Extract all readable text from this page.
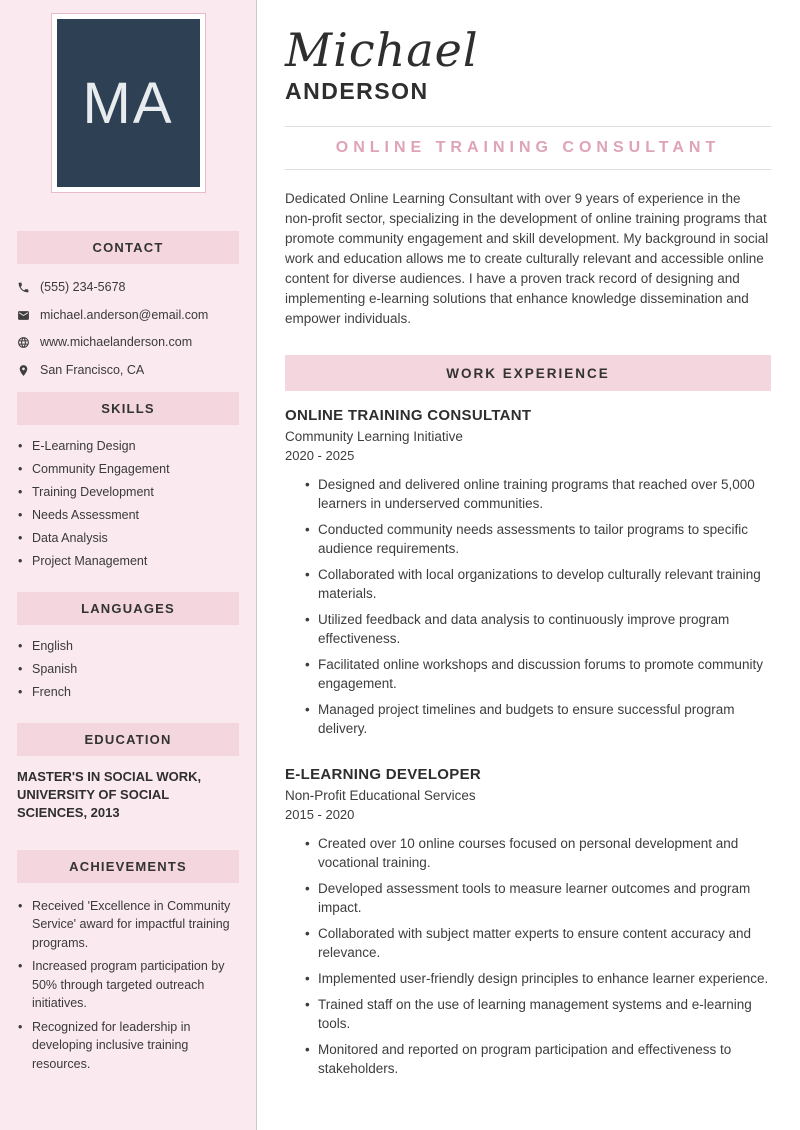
MA
CONTACT
(555) 234-5678
michael.anderson@email.com
www.michaelanderson.com
San Francisco, CA
SKILLS
• E-Learning Design
• Community Engagement
• Training Development
• Needs Assessment
• Data Analysis
• Project Management
LANGUAGES
• English
• Spanish
• French
EDUCATION
MASTER'S IN SOCIAL WORK, UNIVERSITY OF SOCIAL SCIENCES, 2013
ACHIEVEMENTS
• Received 'Excellence in Community Service' award for impactful training programs.
• Increased program participation by 50% through targeted outreach initiatives.
• Recognized for leadership in developing inclusive training resources.
Michael
ANDERSON
ONLINE TRAINING CONSULTANT

Dedicated Online Learning Consultant with over 9 years of experience in the non-profit sector, specializing in the development of online training programs that promote community engagement and skill development. My background in social work and education allows me to create culturally relevant and accessible online content for diverse audiences. I have a proven track record of designing and implementing e-learning solutions that enhance knowledge dissemination and empower individuals.

WORK EXPERIENCE
ONLINE TRAINING CONSULTANT
Community Learning Initiative
2020 - 2025
• Designed and delivered online training programs that reached over 5,000 learners in underserved communities.
• Conducted community needs assessments to tailor programs to specific audience requirements.
• Collaborated with local organizations to develop culturally relevant training materials.
• Utilized feedback and data analysis to continuously improve program effectiveness.
• Facilitated online workshops and discussion forums to promote community engagement.
• Managed project timelines and budgets to ensure successful program delivery.
E-LEARNING DEVELOPER
Non-Profit Educational Services
2015 - 2020
• Created over 10 online courses focused on personal development and vocational training.
• Developed assessment tools to measure learner outcomes and program impact.
• Collaborated with subject matter experts to ensure content accuracy and relevance.
• Implemented user-friendly design principles to enhance learner experience.
• Trained staff on the use of learning management systems and e-learning tools.
• Monitored and reported on program participation and effectiveness to stakeholders.
